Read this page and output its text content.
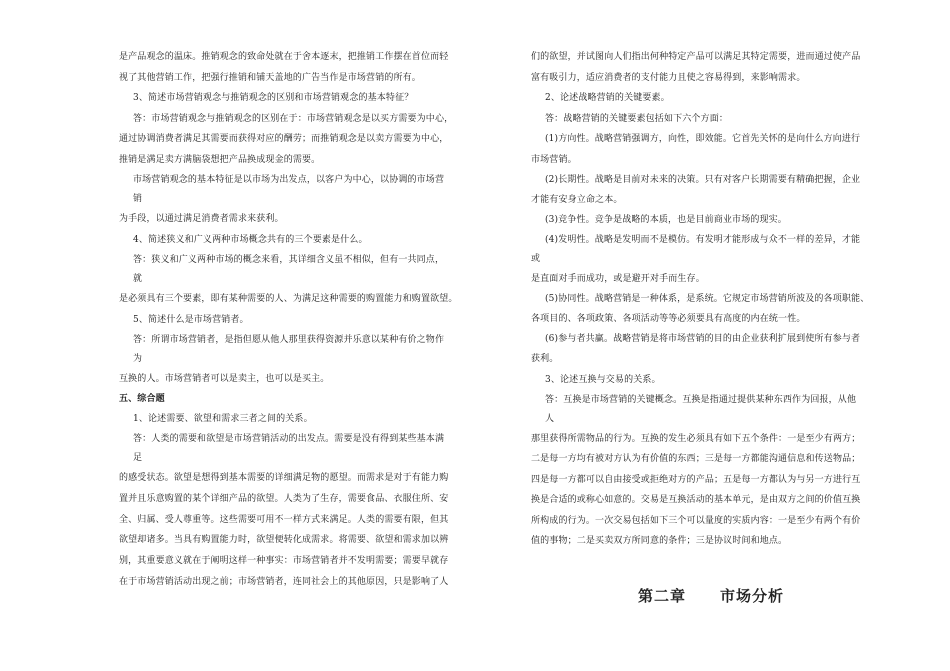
是产品观念的温床。推销观念的致命处就在于舍本逐末，把推销工作摆在首位而轻
视了其他营销工作，把强行推销和铺天盖地的广告当作是市场营销的所有。
3、简述市场营销观念与推销观念的区别和市场营销观念的基本特征？
答：市场营销观念与推销观念的区别在于：市场营销观念是以买方需要为中心，
通过协调消费者满足其需要而获得对应的酬劳；而推销观念是以卖方需要为中心，
推销是满足卖方满脑袋想把产品换成现金的需要。
市场营销观念的基本特征是以市场为出发点，以客户为中心，以协调的市场营
销
为手段，以通过满足消费者需求来获利。
4、简述狭义和广义两种市场概念共有的三个要素是什么。
答：狭义和广义两种市场的概念来看，其详细含义虽不相似，但有一共同点，
就
是必须具有三个要素，即有某种需要的人、为满足这种需要的购置能力和购置欲望。
5、简述什么是市场营销者。
答：所谓市场营销者，是指但愿从他人那里获得资源并乐意以某种有价之物作
为
互换的人。市场营销者可以是卖主，也可以是买主。
五、综合题
1、论述需要、欲望和需求三者之间的关系。
答：人类的需要和欲望是市场营销活动的出发点。需要是没有得到某些基本满
足
的感受状态。欲望是想得到基本需要的详细满足物的愿望。而需求是对于有能力购
置并且乐意购置的某个详细产品的欲望。人类为了生存，需要食品、衣服住所、安
全、归属、受人尊重等。这些需要可用不一样方式来满足。人类的需要有限，但其
欲望却诸多。当具有购置能力时，欲望便转化成需求。将需要、欲望和需求加以辨
别，其重要意义就在于阐明这样一种事实：市场营销者并不发明需要；需要早就存
在于市场营销活动出现之前；市场营销者，连同社会上的其他原因，只是影响了人
第二章 市场分析
们的欲望，并试图向人们指出何种特定产品可以满足其特定需要，进而通过使产品
富有吸引力，适应消费者的支付能力且使之容易得到，来影响需求。
2、论述战略营销的关键要素。
答：战略营销的关键要素包括如下六个方面：
(1)方向性。战略营销强调方，向性，即效能。它首先关怀的是向什么方向进行
市场营销。
(2)长期性。战略是目前对未来的决策。只有对客户长期需要有精确把握，企业
才能有安身立命之本。
(3)竞争性。竞争是战略的本质，也是目前商业市场的现实。
(4)发明性。战略是发明而不是模仿。有发明才能形成与众不一样的差异，才能
或
是直面对手而成功，或是避开对手而生存。
(5)协同性。战略营销是一种体系，是系统。它规定市场营销所波及的各项职能、
各项目的、各项政策、各项活动等等必须要具有高度的内在统一性。
(6)参与者共赢。战略营销是将市场营销的目的由企业获利扩展到使所有参与者
获利。
3、论述互换与交易的关系。
答：互换是市场营销的关键概念。互换是指通过提供某种东西作为回报，从他
人
那里获得所需物品的行为。互换的发生必须具有如下五个条件：一是至少有两方；
二是每一方均有被对方认为有价值的东西；三是每一方都能沟通信息和传送物品；
四是每一方都可以自由接受或拒绝对方的产品；五是每一方都认为与另一方进行互
换是合适的或称心如意的。交易是互换活动的基本单元，是由双方之间的价值互换
所构成的行为。一次交易包括如下三个可以量度的实质内容：一是至少有两个有价
值的事物；二是买卖双方所同意的条件；三是协议时间和地点。
